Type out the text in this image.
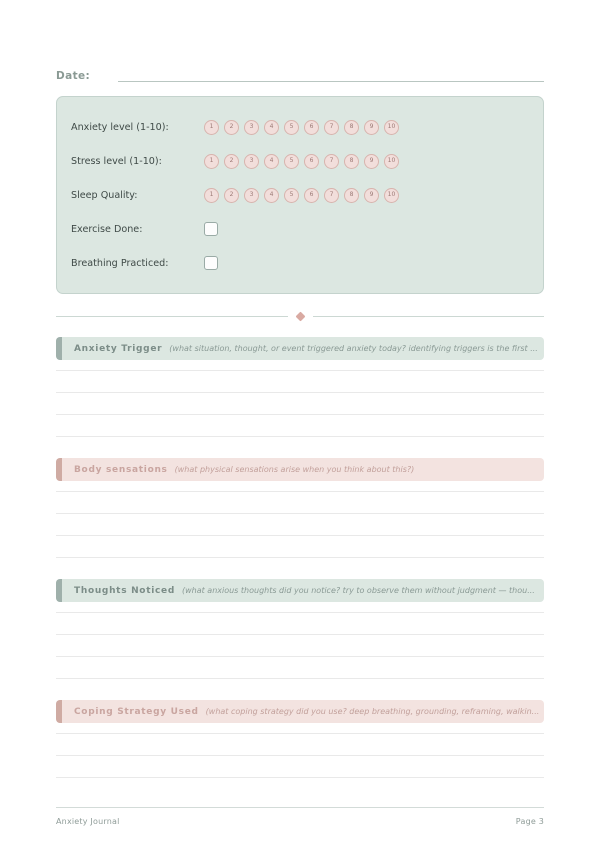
Date:
Anxiety level (1-10):	1	2	3	4	5	6	7	8	9	10
Stress level (1-10):	1	2	3	4	5	6	7	8	9	10
Sleep Quality:	1	2	3	4	5	6	7	8	9	10
Exercise Done:
Breathing Practiced:
Anxiety Trigger (what situation, thought, or event triggered anxiety today? identifying triggers is the first ...
Body sensations (what physical sensations arise when you think about this?)
Thoughts Noticed (what anxious thoughts did you notice? try to observe them without judgment — thou...
Coping Strategy Used (what coping strategy did you use? deep breathing, grounding, reframing, walkin...
Anxiety Journal	Page 3
